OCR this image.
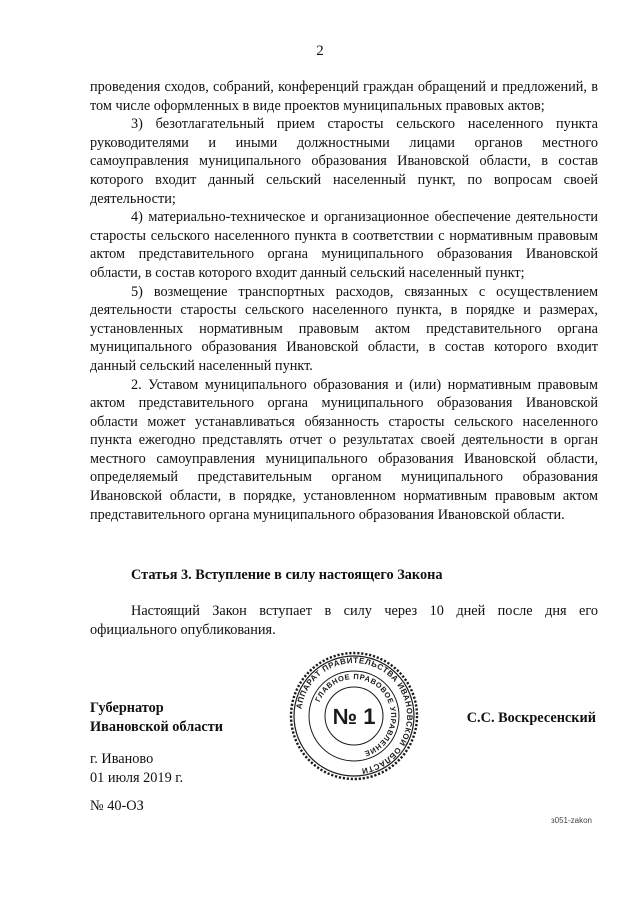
2

проведения сходов, собраний, конференций граждан обращений и предложений, в том числе оформленных в виде проектов муниципальных правовых актов;

3) безотлагательный прием старосты сельского населенного пункта руководителями и иными должностными лицами органов местного самоуправления муниципального образования Ивановской области, в состав которого входит данный сельский населенный пункт, по вопросам своей деятельности;

4) материально-техническое и организационное обеспечение деятельности старосты сельского населенного пункта в соответствии с нормативным правовым актом представительного органа муниципального образования Ивановской области, в состав которого входит данный сельский населенный пункт;

5) возмещение транспортных расходов, связанных с осуществлением деятельности старосты сельского населенного пункта, в порядке и размерах, установленных нормативным правовым актом представительного органа муниципального образования Ивановской области, в состав которого входит данный сельский населенный пункт.

2. Уставом муниципального образования и (или) нормативным правовым актом представительного органа муниципального образования Ивановской области может устанавливаться обязанность старосты сельского населенного пункта ежегодно представлять отчет о результатах своей деятельности в орган местного самоуправления муниципального образования Ивановской области, определяемый представительным органом муниципального образования Ивановской области, в порядке, установленном нормативным правовым актом представительного органа муниципального образования Ивановской области.

Статья 3. Вступление в силу настоящего Закона

Настоящий Закон вступает в силу через 10 дней после дня его официального опубликования.

Губернатор
Ивановской области
АППАРАТ ПРАВИТЕЛЬСТВА ИВАНОВСКОЙ ОБЛАСТИ
ГЛАВНОЕ ПРАВОВОЕ УПРАВЛЕНИЕ
№ 1	С.С. Воскресенский
г. Иваново
01 июля 2019 г.
№ 40-ОЗ
з051-zakon
